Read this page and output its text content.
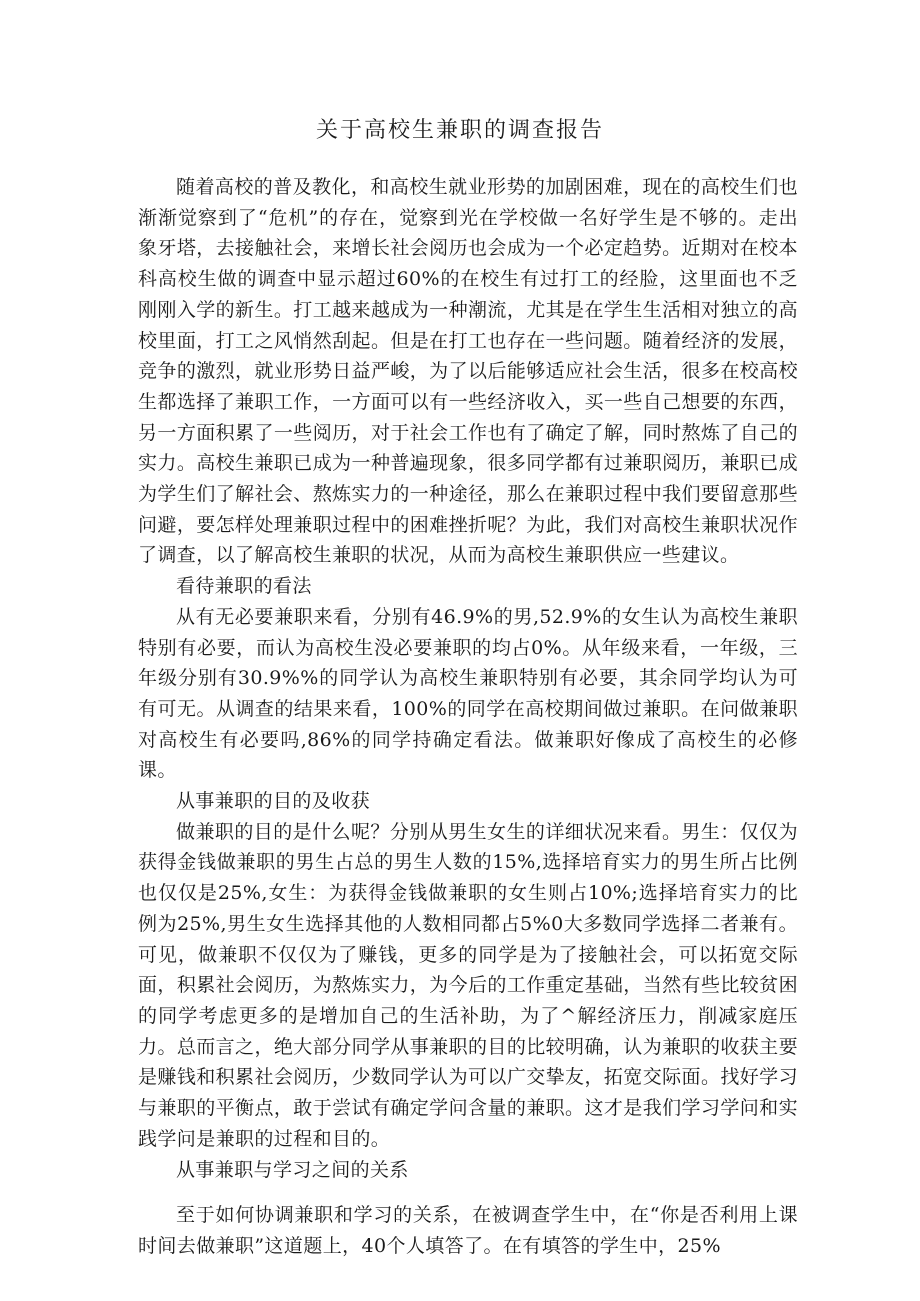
关于高校生兼职的调查报告

随着高校的普及教化，和高校生就业形势的加剧困难，现在的高校生们也渐渐觉察到了“危机”的存在，觉察到光在学校做一名好学生是不够的。走出象牙塔，去接触社会，来增长社会阅历也会成为一个必定趋势。近期对在校本科高校生做的调查中显示超过60%的在校生有过打工的经脸，这里面也不乏刚刚入学的新生。打工越来越成为一种潮流，尤其是在学生生活相对独立的高校里面，打工之风悄然刮起。但是在打工也存在一些问题。随着经济的发展，竞争的激烈，就业形势日益严峻，为了以后能够适应社会生活，很多在校高校生都选择了兼职工作，一方面可以有一些经济收入，买一些自己想要的东西，另一方面积累了一些阅历，对于社会工作也有了确定了解，同时熬炼了自己的实力。高校生兼职已成为一种普遍现象，很多同学都有过兼职阅历，兼职已成为学生们了解社会、熬炼实力的一种途径，那么在兼职过程中我们要留意那些问避，要怎样处理兼职过程中的困难挫折呢？为此，我们对高校生兼职状况作了调查，以了解高校生兼职的状况，从而为高校生兼职供应一些建议。

看待兼职的看法

从有无必要兼职来看，分别有46.9%的男,52.9%的女生认为高校生兼职特别有必要，而认为高校生没必要兼职的均占0%。从年级来看，一年级，三年级分别有30.9%%的同学认为高校生兼职特别有必要，其余同学均认为可有可无。从调查的结果来看，100%的同学在高校期间做过兼职。在问做兼职对高校生有必要吗,86%的同学持确定看法。做兼职好像成了高校生的必修课。

从事兼职的目的及收获

做兼职的目的是什么呢？分别从男生女生的详细状况来看。男生：仅仅为获得金钱做兼职的男生占总的男生人数的15%,选择培育实力的男生所占比例也仅仅是25%,女生：为获得金钱做兼职的女生则占10%;选择培育实力的比例为25%,男生女生选择其他的人数相同都占5%0大多数同学选择二者兼有。可见，做兼职不仅仅为了赚钱，更多的同学是为了接触社会，可以拓宽交际面，积累社会阅历，为熬炼实力，为今后的工作重定基础，当然有些比较贫困的同学考虑更多的是增加自己的生活补助，为了^解经济压力，削减家庭压力。总而言之，绝大部分同学从事兼职的目的比较明确，认为兼职的收获主要是赚钱和积累社会阅历，少数同学认为可以广交挚友，拓宽交际面。找好学习与兼职的平衡点，敢于尝试有确定学问含量的兼职。这才是我们学习学问和实践学问是兼职的过程和目的。

从事兼职与学习之间的关系

至于如何协调兼职和学习的关系，在被调查学生中，在“你是否利用上课时间去做兼职”这道题上，40个人填答了。在有填答的学生中，25%
